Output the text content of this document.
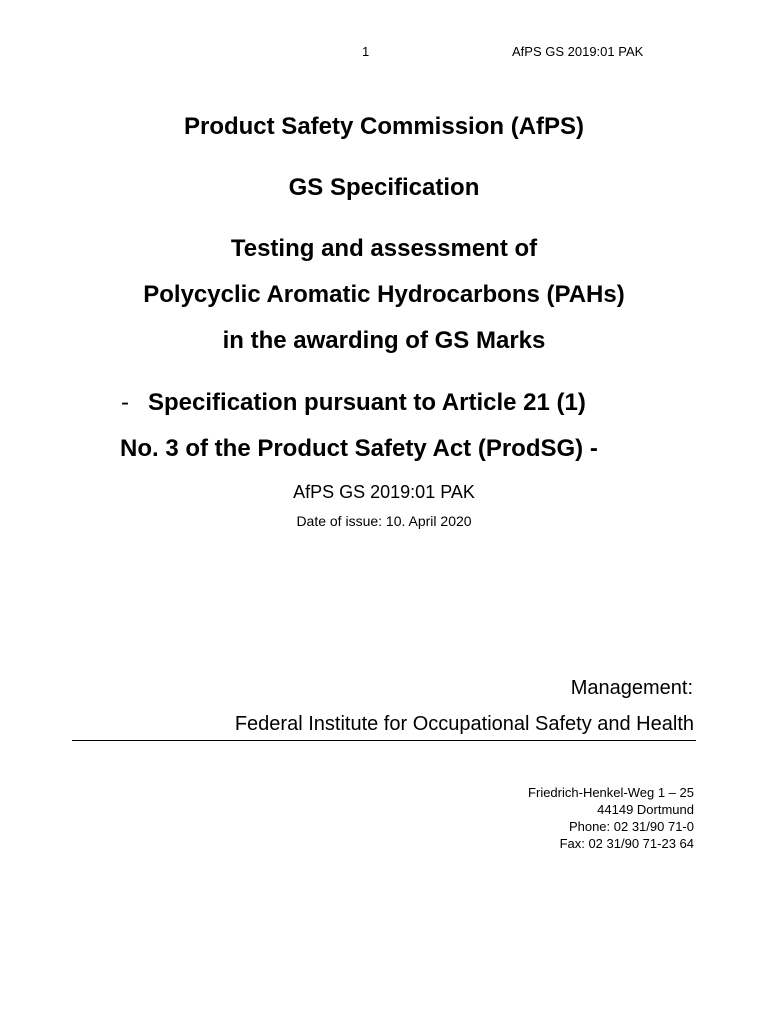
1	AfPS GS 2019:01 PAK
Product Safety Commission (AfPS)
GS Specification
Testing and assessment of
Polycyclic Aromatic Hydrocarbons (PAHs)
in the awarding of GS Marks
- Specification pursuant to Article 21 (1)
No. 3 of the Product Safety Act (ProdSG) -
AfPS GS 2019:01 PAK
Date of issue: 10. April 2020
Management:
Federal Institute for Occupational Safety and Health
Friedrich-Henkel-Weg 1 – 25
44149 Dortmund
Phone: 02 31/90 71-0
Fax: 02 31/90 71-23 64
